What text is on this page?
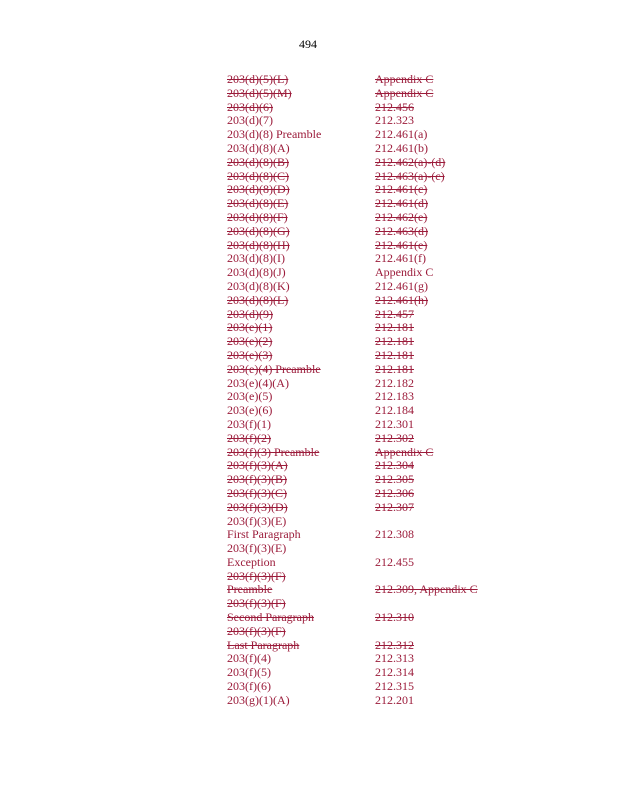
494
203(d)(5)(L)	Appendix C
203(d)(5)(M)	Appendix C
203(d)(6)	212.456
203(d)(7)	212.323
203(d)(8) Preamble	212.461(a)
203(d)(8)(A)	212.461(b)
203(d)(8)(B)	212.462(a)-(d)
203(d)(8)(C)	212.463(a)-(c)
203(d)(8)(D)	212.461(c)
203(d)(8)(E)	212.461(d)
203(d)(8)(F)	212.462(e)
203(d)(8)(G)	212.463(d)
203(d)(8)(H)	212.461(e)
203(d)(8)(I)	212.461(f)
203(d)(8)(J)	Appendix C
203(d)(8)(K)	212.461(g)
203(d)(8)(L)	212.461(h)
203(d)(9)	212.457
203(e)(1)	212.181
203(e)(2)	212.181
203(e)(3)	212.181
203(e)(4) Preamble	212.181
203(e)(4)(A)	212.182
203(e)(5)	212.183
203(e)(6)	212.184
203(f)(1)	212.301
203(f)(2)	212.302
203(f)(3) Preamble	Appendix C
203(f)(3)(A)	212.304
203(f)(3)(B)	212.305
203(f)(3)(C)	212.306
203(f)(3)(D)	212.307
203(f)(3)(E)
First Paragraph	212.308
203(f)(3)(E)
Exception	212.455
203(f)(3)(F)
Preamble	212.309, Appendix C
203(f)(3)(F)
Second Paragraph	212.310
203(f)(3)(F)
Last Paragraph	212.312
203(f)(4)	212.313
203(f)(5)	212.314
203(f)(6)	212.315
203(g)(1)(A)	212.201
